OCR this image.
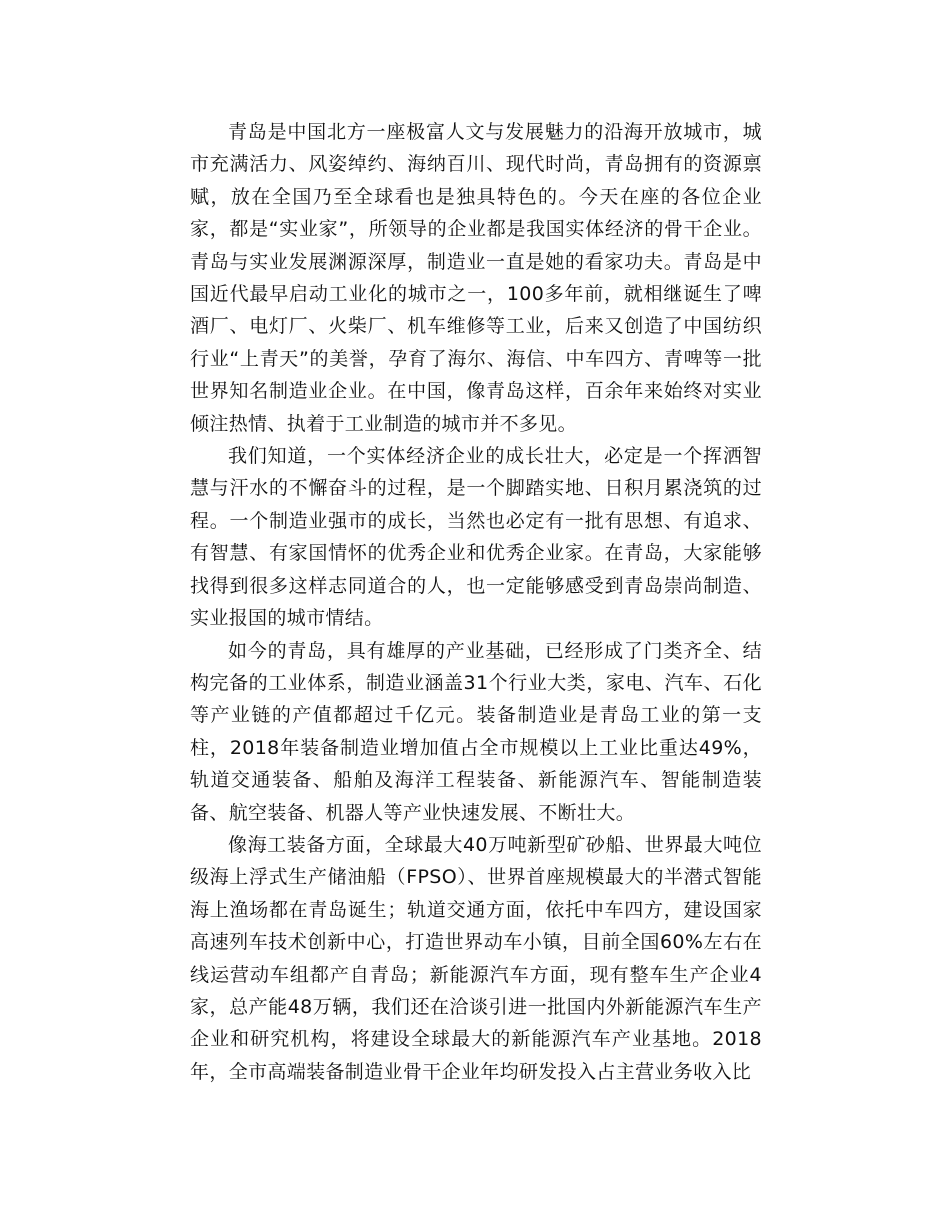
青岛是中国北方一座极富人文与发展魅力的沿海开放城市，城市充满活力、风姿绰约、海纳百川、现代时尚，青岛拥有的资源禀赋，放在全国乃至全球看也是独具特色的。今天在座的各位企业家，都是“实业家”，所领导的企业都是我国实体经济的骨干企业。青岛与实业发展渊源深厚，制造业一直是她的看家功夫。青岛是中国近代最早启动工业化的城市之一，100多年前，就相继诞生了啤酒厂、电灯厂、火柴厂、机车维修等工业，后来又创造了中国纺织行业“上青天”的美誉，孕育了海尔、海信、中车四方、青啤等一批世界知名制造业企业。在中国，像青岛这样，百余年来始终对实业倾注热情、执着于工业制造的城市并不多见。

我们知道，一个实体经济企业的成长壮大，必定是一个挥洒智慧与汗水的不懈奋斗的过程，是一个脚踏实地、日积月累浇筑的过程。一个制造业强市的成长，当然也必定有一批有思想、有追求、有智慧、有家国情怀的优秀企业和优秀企业家。在青岛，大家能够找得到很多这样志同道合的人，也一定能够感受到青岛崇尚制造、实业报国的城市情结。

如今的青岛，具有雄厚的产业基础，已经形成了门类齐全、结构完备的工业体系，制造业涵盖31个行业大类，家电、汽车、石化等产业链的产值都超过千亿元。装备制造业是青岛工业的第一支柱，2018年装备制造业增加值占全市规模以上工业比重达49%，轨道交通装备、船舶及海洋工程装备、新能源汽车、智能制造装备、航空装备、机器人等产业快速发展、不断壮大。

像海工装备方面，全球最大40万吨新型矿砂船、世界最大吨位级海上浮式生产储油船（FPSO）、世界首座规模最大的半潜式智能海上渔场都在青岛诞生；轨道交通方面，依托中车四方，建设国家高速列车技术创新中心，打造世界动车小镇，目前全国60%左右在线运营动车组都产自青岛；新能源汽车方面，现有整车生产企业4家，总产能48万辆，我们还在洽谈引进一批国内外新能源汽车生产企业和研究机构，将建设全球最大的新能源汽车产业基地。2018年，全市高端装备制造业骨干企业年均研发投入占主营业务收入比
